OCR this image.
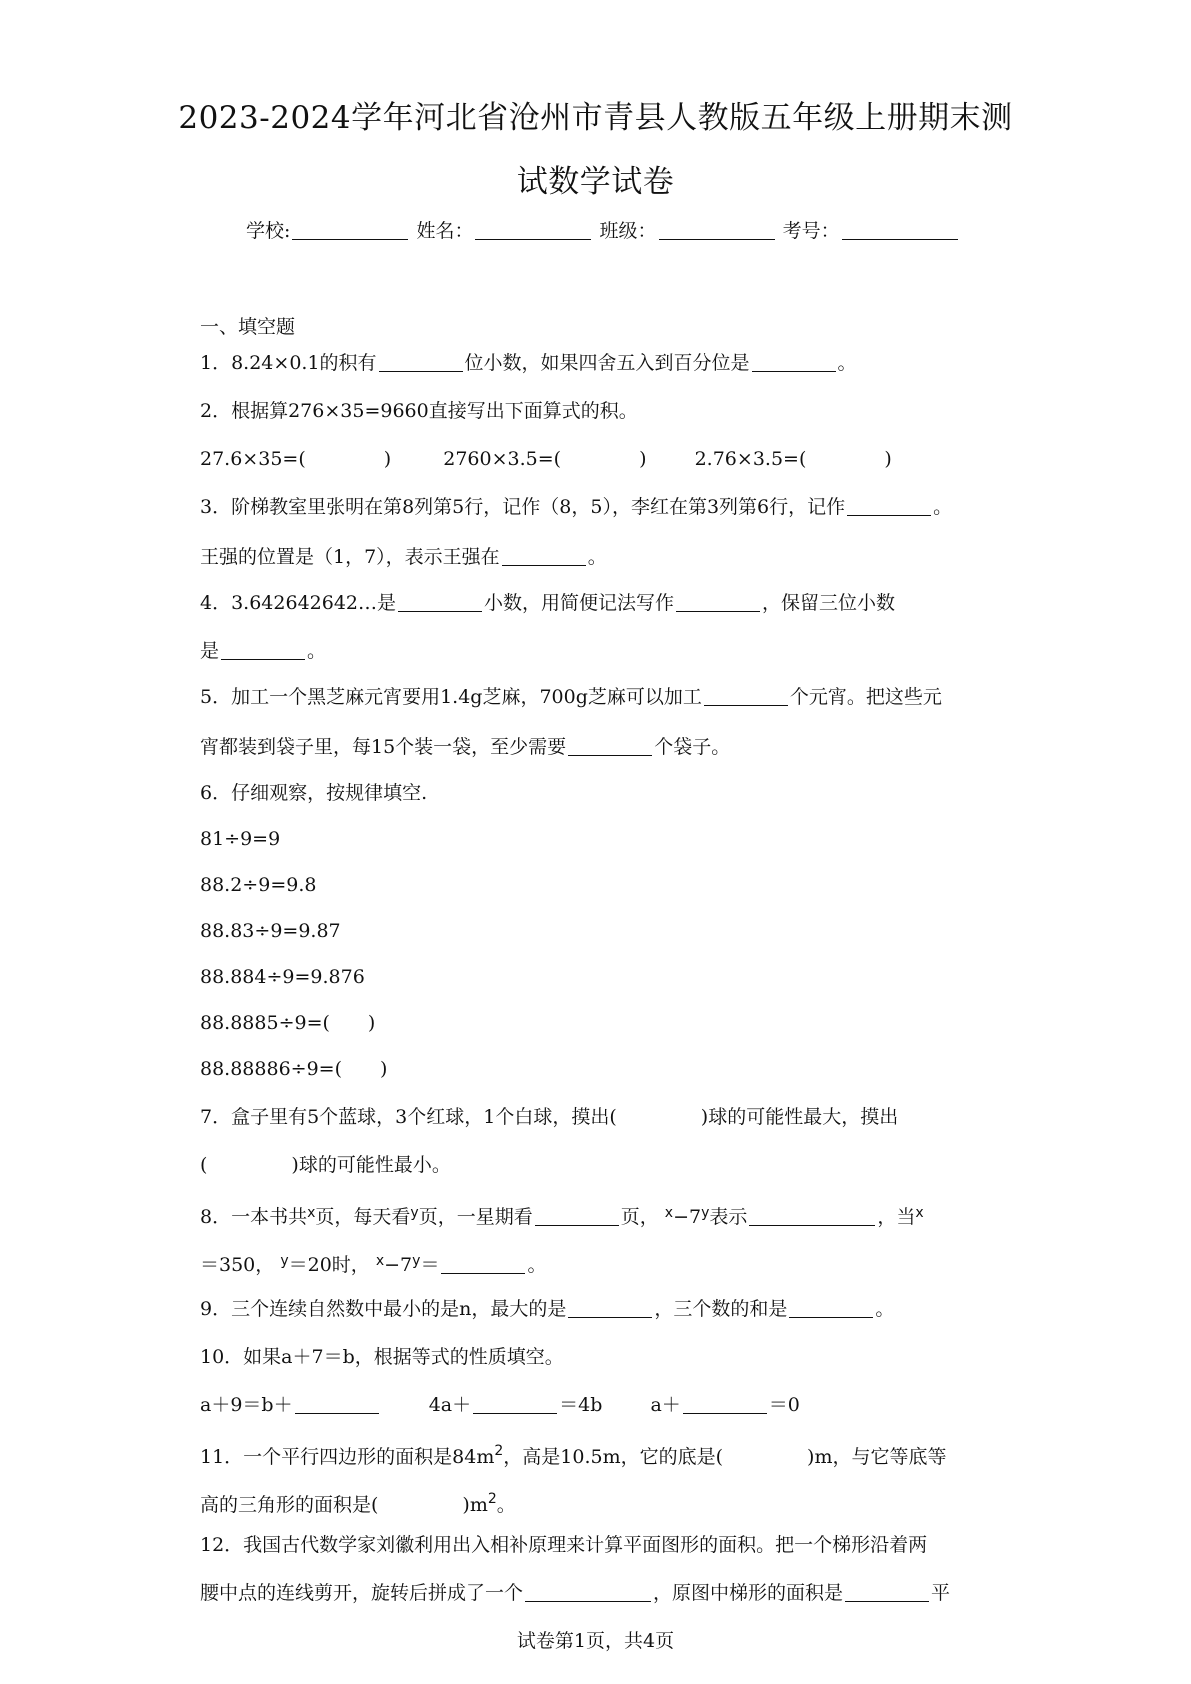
2023-2024学年河北省沧州市青县人教版五年级上册期末测
试数学试卷
学校:	姓名：	班级：	考号：
一、填空题
1．8.24×0.1的积有	位小数，如果四舍五入到百分位是	。
2．根据算276×35=9660直接写出下面算式的积。
27.6×35=(	)	2760×3.5=(	)	2.76×3.5=(	)
3．阶梯教室里张明在第8列第5行，记作（8，5），李红在第3列第6行，记作	。
王强的位置是（1，7），表示王强在	。
4．3.642642642…是	小数，用简便记法写作	，保留三位小数
是	。
5．加工一个黑芝麻元宵要用1.4g芝麻，700g芝麻可以加工	个元宵。把这些元
宵都装到袋子里，每15个装一袋，至少需要	个袋子。
6．仔细观察，按规律填空.
81÷9=9
88.2÷9=9.8
88.83÷9=9.87
88.884÷9=9.876
88.8885÷9=(　　)
88.88886÷9=(　　)
7．盒子里有5个蓝球，3个红球，1个白球，摸出(	)球的可能性最大，摸出
(	)球的可能性最小。
8．一本书共$^x$页，每天看$^y$页，一星期看	页， $^x-7^y$表示	，当$^x$
＝350， $^y$＝20时， $^x-7^y=$	。
9．三个连续自然数中最小的是n，最大的是	，三个数的和是	。
10．如果a＋7＝b，根据等式的性质填空。
a＋9＝b＋	4a＋	＝4b	a＋	＝0
11．一个平行四边形的面积是$84m^2$，高是10.5m，它的底是(	)m，与它等底等
高的三角形的面积是(	)$m^2$。
12．我国古代数学家刘徽利用出入相补原理来计算平面图形的面积。把一个梯形沿着两
腰中点的连线剪开，旋转后拼成了一个	，原图中梯形的面积是	平
试卷第1页，共4页
